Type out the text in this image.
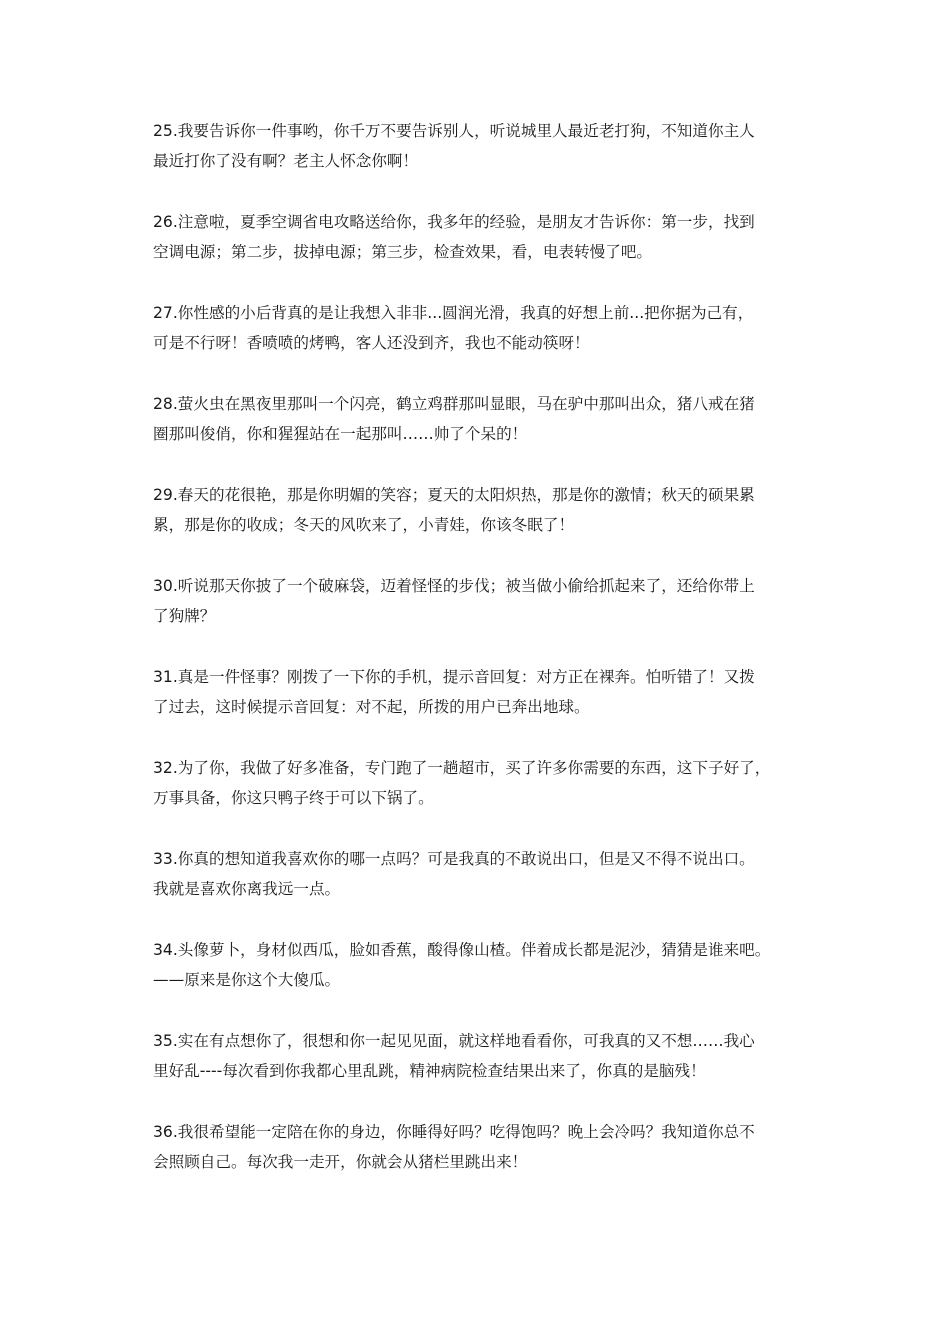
25.我要告诉你一件事哟，你千万不要告诉别人，听说城里人最近老打狗，不知道你主人
最近打你了没有啊？老主人怀念你啊！

26.注意啦，夏季空调省电攻略送给你，我多年的经验，是朋友才告诉你：第一步，找到
空调电源；第二步，拔掉电源；第三步，检查效果，看，电表转慢了吧。

27.你性感的小后背真的是让我想入非非...圆润光滑，我真的好想上前...把你据为己有，
可是不行呀！香喷喷的烤鸭，客人还没到齐，我也不能动筷呀！

28.萤火虫在黑夜里那叫一个闪亮，鹤立鸡群那叫显眼，马在驴中那叫出众，猪八戒在猪
圈那叫俊俏，你和猩猩站在一起那叫……帅了个呆的！

29.春天的花很艳，那是你明媚的笑容；夏天的太阳炽热，那是你的激情；秋天的硕果累
累，那是你的收成；冬天的风吹来了，小青娃，你该冬眠了！

30.听说那天你披了一个破麻袋，迈着怪怪的步伐；被当做小偷给抓起来了，还给你带上
了狗牌？

31.真是一件怪事？刚拨了一下你的手机，提示音回复：对方正在裸奔。怕听错了！又拨
了过去，这时候提示音回复：对不起，所拨的用户已奔出地球。

32.为了你，我做了好多准备，专门跑了一趟超市，买了许多你需要的东西，这下子好了，
万事具备，你这只鸭子终于可以下锅了。

33.你真的想知道我喜欢你的哪一点吗？可是我真的不敢说出口，但是又不得不说出口。
我就是喜欢你离我远一点。

34.头像萝卜，身材似西瓜，脸如香蕉，酸得像山楂。伴着成长都是泥沙，猜猜是谁来吧。
——原来是你这个大傻瓜。

35.实在有点想你了，很想和你一起见见面，就这样地看看你，可我真的又不想……我心
里好乱----每次看到你我都心里乱跳，精神病院检查结果出来了，你真的是脑残！

36.我很希望能一定陪在你的身边，你睡得好吗？吃得饱吗？晚上会冷吗？我知道你总不
会照顾自己。每次我一走开，你就会从猪栏里跳出来！
